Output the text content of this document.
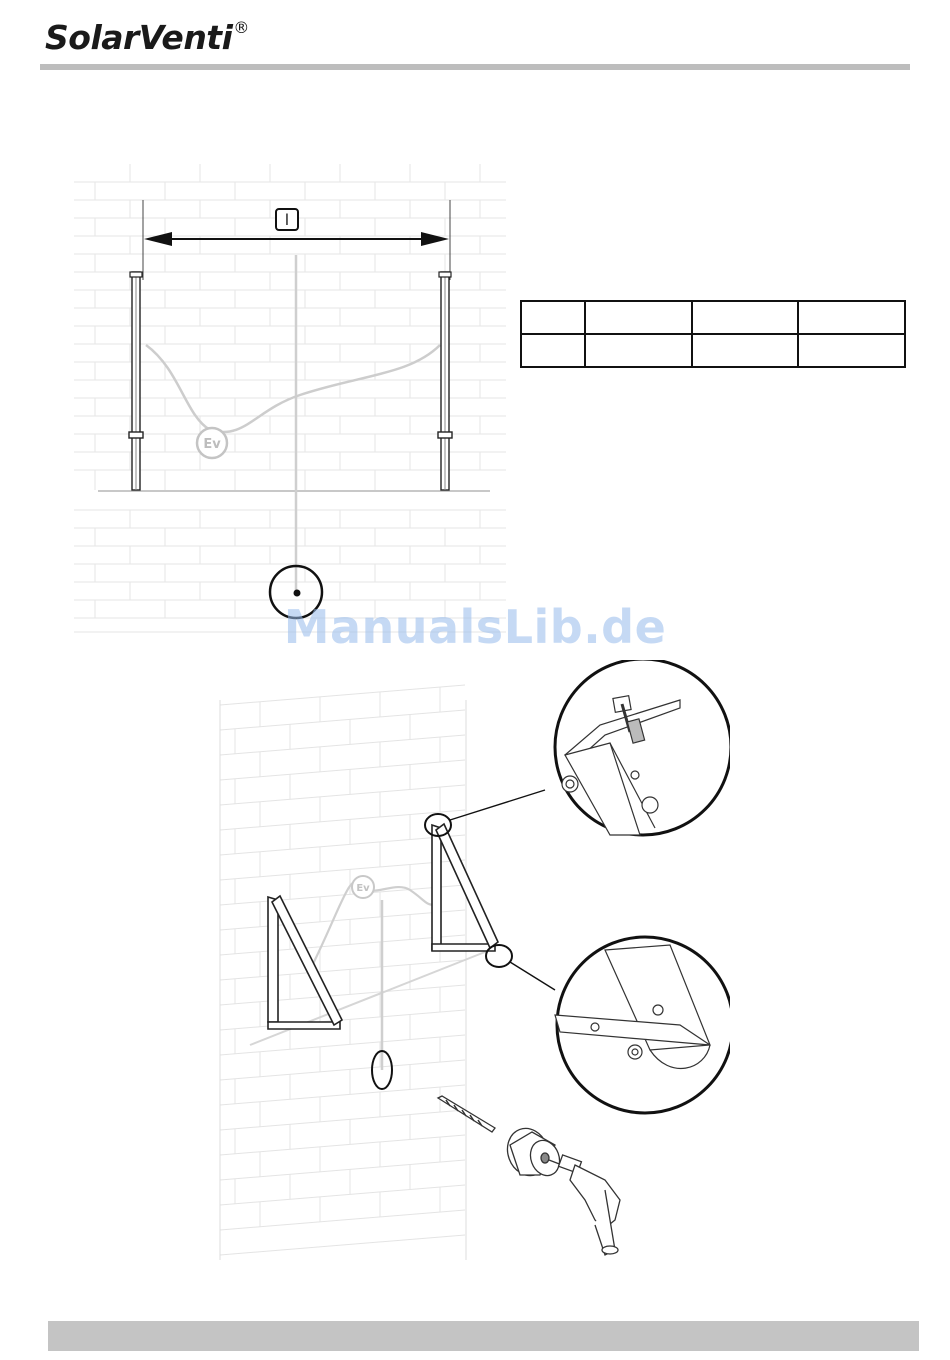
SolarVenti®
l
Ev

Ev
ManualsLib.de
